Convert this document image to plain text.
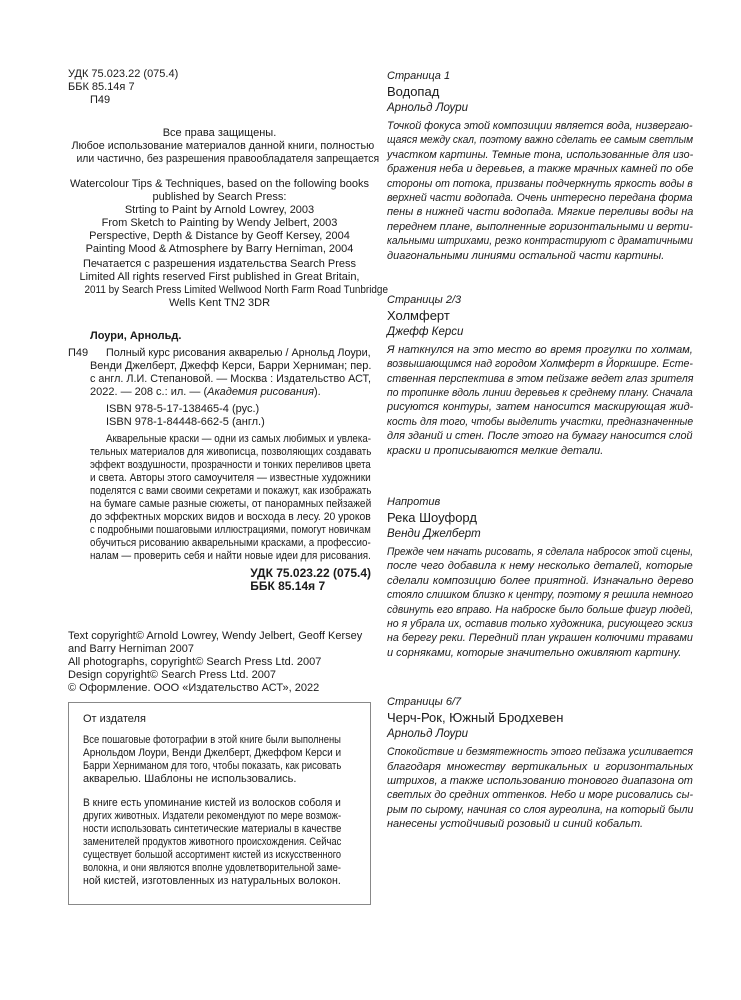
УДК 75.023.22 (075.4)
ББК 85.14я 7
П49
Все права защищены.
Любое использование материалов данной книги, полностью
или частично, без разрешения правообладателя запрещается
Watercolour Tips & Techniques, based on the following books
published by Search Press:
Strting to Paint by Arnold Lowrey, 2003
From Sketch to Painting by Wendy Jelbert, 2003
Perspective, Depth & Distance by Geoff Kersey, 2004
Painting Mood & Atmosphere by Barry Herniman, 2004
Печатается с разрешения издательства Search Press
Limited All rights reserved First published in Great Britain,
2011 by Search Press Limited Wellwood North Farm Road Tunbridge
Wells Kent TN2 3DR
Лоури, Арнольд.
П49	Полный курс рисования акварелью / Арнольд Лоури,
Венди Джелберт, Джефф Керси, Барри Херниман; пер.
с англ. Л.И. Степановой. — Москва : Издательство АСТ,
2022. — 208 с.: ил. — (Академия рисования).
ISBN 978-5-17-138465-4 (рус.)
ISBN 978-1-84448-662-5 (англ.)
Акварельные краски — одни из самых любимых и увлека-
тельных материалов для живописца, позволяющих создавать
эффект воздушности, прозрачности и тонких переливов цвета
и света. Авторы этого самоучителя — известные художники
поделятся с вами своими секретами и покажут, как изображать
на бумаге самые разные сюжеты, от панорамных пейзажей
до эффектных морских видов и восхода в лесу. 20 уроков
с подробными пошаговыми иллюстрациями, помогут новичкам
обучиться рисованию акварельными красками, а профессио-
налам — проверить себя и найти новые идеи для рисования.
УДК 75.023.22 (075.4)
ББК 85.14я 7
Text copyright© Arnold Lowrey, Wendy Jelbert, Geoff Kersey
and Barry Herniman 2007
All photographs, copyright© Search Press Ltd. 2007
Design copyright© Search Press Ltd. 2007
© Оформление. ООО «Издательство АСТ», 2022
От издателя
Все пошаговые фотографии в этой книге были выполнены
Арнольдом Лоури, Венди Джелберт, Джеффом Керси и
Барри Херниманом для того, чтобы показать, как рисовать
акварелью. Шаблоны не использовались.
В книге есть упоминание кистей из волосков соболя и
других животных. Издатели рекомендуют по мере возмож-
ности использовать синтетические материалы в качестве
заменителей продуктов животного происхождения. Сейчас
существует большой ассортимент кистей из искусственного
волокна, и они являются вполне удовлетворительной заме-
ной кистей, изготовленных из натуральных волокон.
Страница 1
Водопад
Арнольд Лоури
Точкой фокуса этой композиции является вода, низвергаю-
щаяся между скал, поэтому важно сделать ее самым светлым
участком картины. Темные тона, использованные для изо-
бражения неба и деревьев, а также мрачных камней по обе
стороны от потока, призваны подчеркнуть яркость воды в
верхней части водопада. Очень интересно передана форма
пены в нижней части водопада. Мягкие переливы воды на
переднем плане, выполненные горизонтальными и верти-
кальными штрихами, резко контрастируют с драматичными
диагональными линиями остальной части картины.
Страницы 2/3
Холмферт
Джефф Керси
Я наткнулся на это место во время прогулки по холмам,
возвышающимся над городом Холмферт в Йоркшире. Есте-
ственная перспектива в этом пейзаже ведет глаз зрителя
по тропинке вдоль линии деревьев к среднему плану. Сначала
рисуются контуры, затем наносится маскирующая жид-
кость для того, чтобы выделить участки, предназначенные
для зданий и стен. После этого на бумагу наносится слой
краски и прописываются мелкие детали.
Напротив
Река Шоуфорд
Венди Джелберт
Прежде чем начать рисовать, я сделала набросок этой сцены,
после чего добавила к нему несколько деталей, которые
сделали композицию более приятной. Изначально дерево
стояло слишком близко к центру, поэтому я решила немного
сдвинуть его вправо. На наброске было больше фигур людей,
но я убрала их, оставив только художника, рисующего эскиз
на берегу реки. Передний план украшен колючими травами
и сорняками, которые значительно оживляют картину.
Страницы 6/7
Черч-Рок, Южный Бродхевен
Арнольд Лоури
Спокойствие и безмятежность этого пейзажа усиливается
благодаря множеству вертикальных и горизонтальных
штрихов, а также использованию тонового диапазона от
светлых до средних оттенков. Небо и море рисовались сы-
рым по сырому, начиная со слоя ауреолина, на который были
нанесены устойчивый розовый и синий кобальт.
